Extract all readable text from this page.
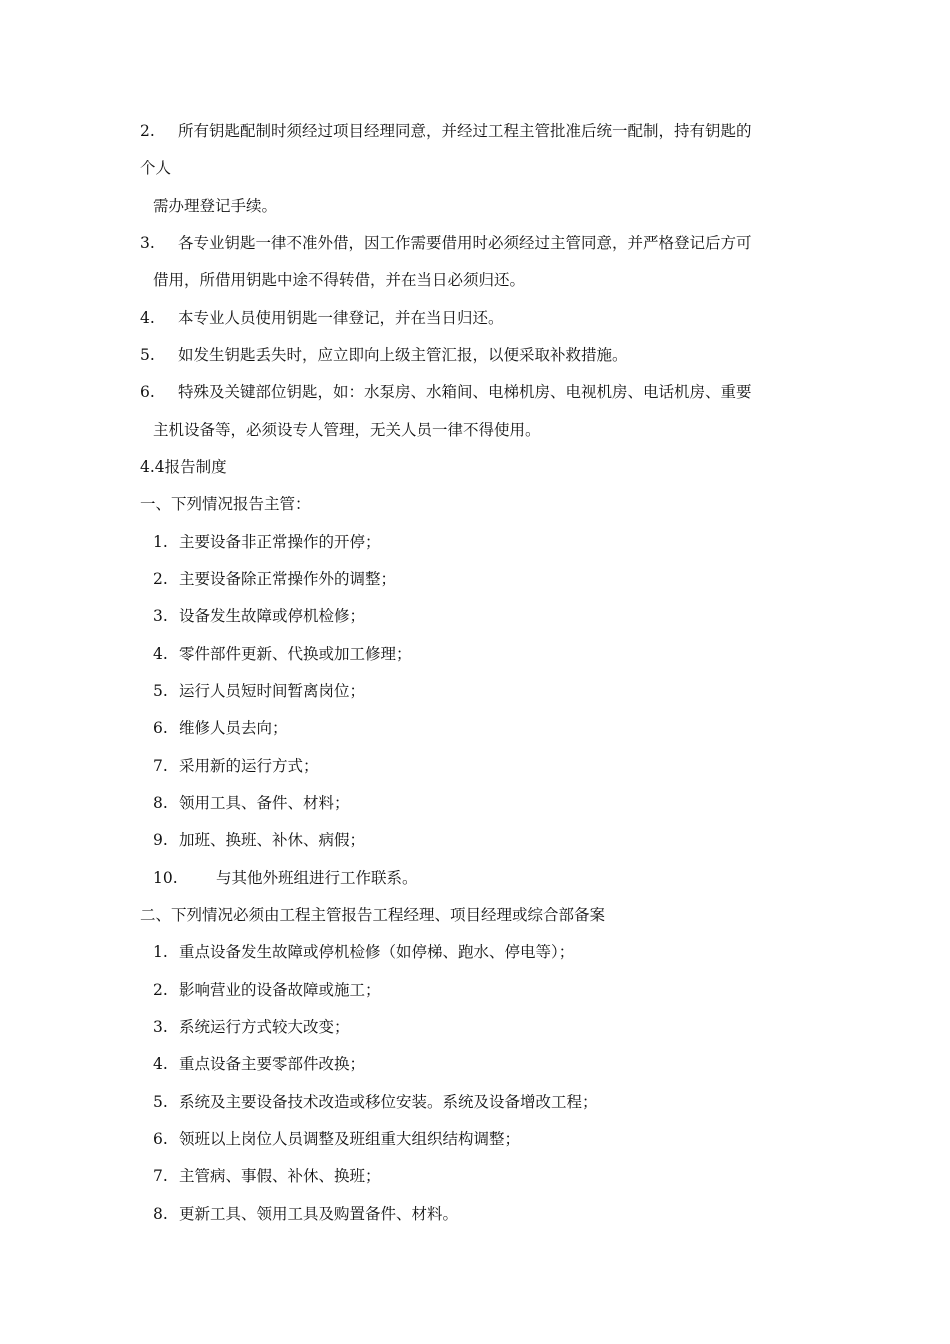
2. 所有钥匙配制时须经过项目经理同意，并经过工程主管批准后统一配制，持有钥匙的
个人
需办理登记手续。
3. 各专业钥匙一律不准外借，因工作需要借用时必须经过主管同意，并严格登记后方可
借用，所借用钥匙中途不得转借，并在当日必须归还。
4. 本专业人员使用钥匙一律登记，并在当日归还。
5. 如发生钥匙丢失时，应立即向上级主管汇报，以便采取补救措施。
6. 特殊及关键部位钥匙，如：水泵房、水箱间、电梯机房、电视机房、电话机房、重要
主机设备等，必须设专人管理，无关人员一律不得使用。
4.4报告制度
一、下列情况报告主管：
1. 主要设备非正常操作的开停；
2. 主要设备除正常操作外的调整；
3. 设备发生故障或停机检修；
4. 零件部件更新、代换或加工修理；
5. 运行人员短时间暂离岗位；
6. 维修人员去向；
7. 采用新的运行方式；
8. 领用工具、备件、材料；
9. 加班、换班、补休、病假；
10. 与其他外班组进行工作联系。
二、下列情况必须由工程主管报告工程经理、项目经理或综合部备案
1. 重点设备发生故障或停机检修（如停梯、跑水、停电等）；
2. 影响营业的设备故障或施工；
3. 系统运行方式较大改变；
4. 重点设备主要零部件改换；
5. 系统及主要设备技术改造或移位安装。系统及设备增改工程；
6. 领班以上岗位人员调整及班组重大组织结构调整；
7. 主管病、事假、补休、换班；
8. 更新工具、领用工具及购置备件、材料。
